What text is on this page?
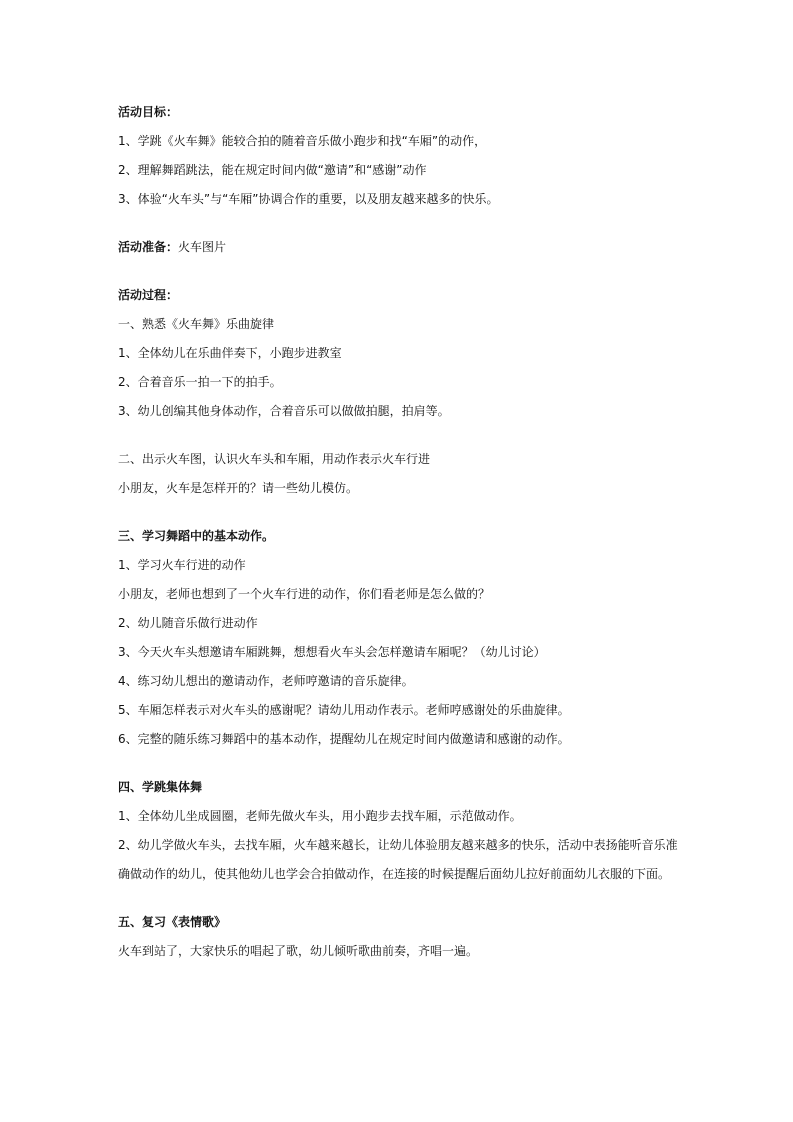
活动目标：
1、学跳《火车舞》能较合拍的随着音乐做小跑步和找“车厢”的动作，
2、理解舞蹈跳法，能在规定时间内做“邀请”和“感谢”动作
3、体验“火车头”与“车厢”协调合作的重要，以及朋友越来越多的快乐。
活动准备：火车图片
活动过程：
一、熟悉《火车舞》乐曲旋律
1、全体幼儿在乐曲伴奏下，小跑步进教室
2、合着音乐一拍一下的拍手。
3、幼儿创编其他身体动作，合着音乐可以做做拍腿，拍肩等。
二、出示火车图，认识火车头和车厢，用动作表示火车行进
小朋友，火车是怎样开的？请一些幼儿模仿。
三、学习舞蹈中的基本动作。
1、学习火车行进的动作
小朋友，老师也想到了一个火车行进的动作，你们看老师是怎么做的？
2、幼儿随音乐做行进动作
3、今天火车头想邀请车厢跳舞，想想看火车头会怎样邀请车厢呢？（幼儿讨论）
4、练习幼儿想出的邀请动作，老师哼邀请的音乐旋律。
5、车厢怎样表示对火车头的感谢呢？请幼儿用动作表示。老师哼感谢处的乐曲旋律。
6、完整的随乐练习舞蹈中的基本动作，提醒幼儿在规定时间内做邀请和感谢的动作。
四、学跳集体舞
1、全体幼儿坐成圆圈，老师先做火车头，用小跑步去找车厢，示范做动作。
2、幼儿学做火车头，去找车厢，火车越来越长，让幼儿体验朋友越来越多的快乐，活动中表扬能听音乐准确做动作的幼儿，使其他幼儿也学会合拍做动作，在连接的时候提醒后面幼儿拉好前面幼儿衣服的下面。
五、复习《表情歌》
火车到站了，大家快乐的唱起了歌，幼儿倾听歌曲前奏，齐唱一遍。
